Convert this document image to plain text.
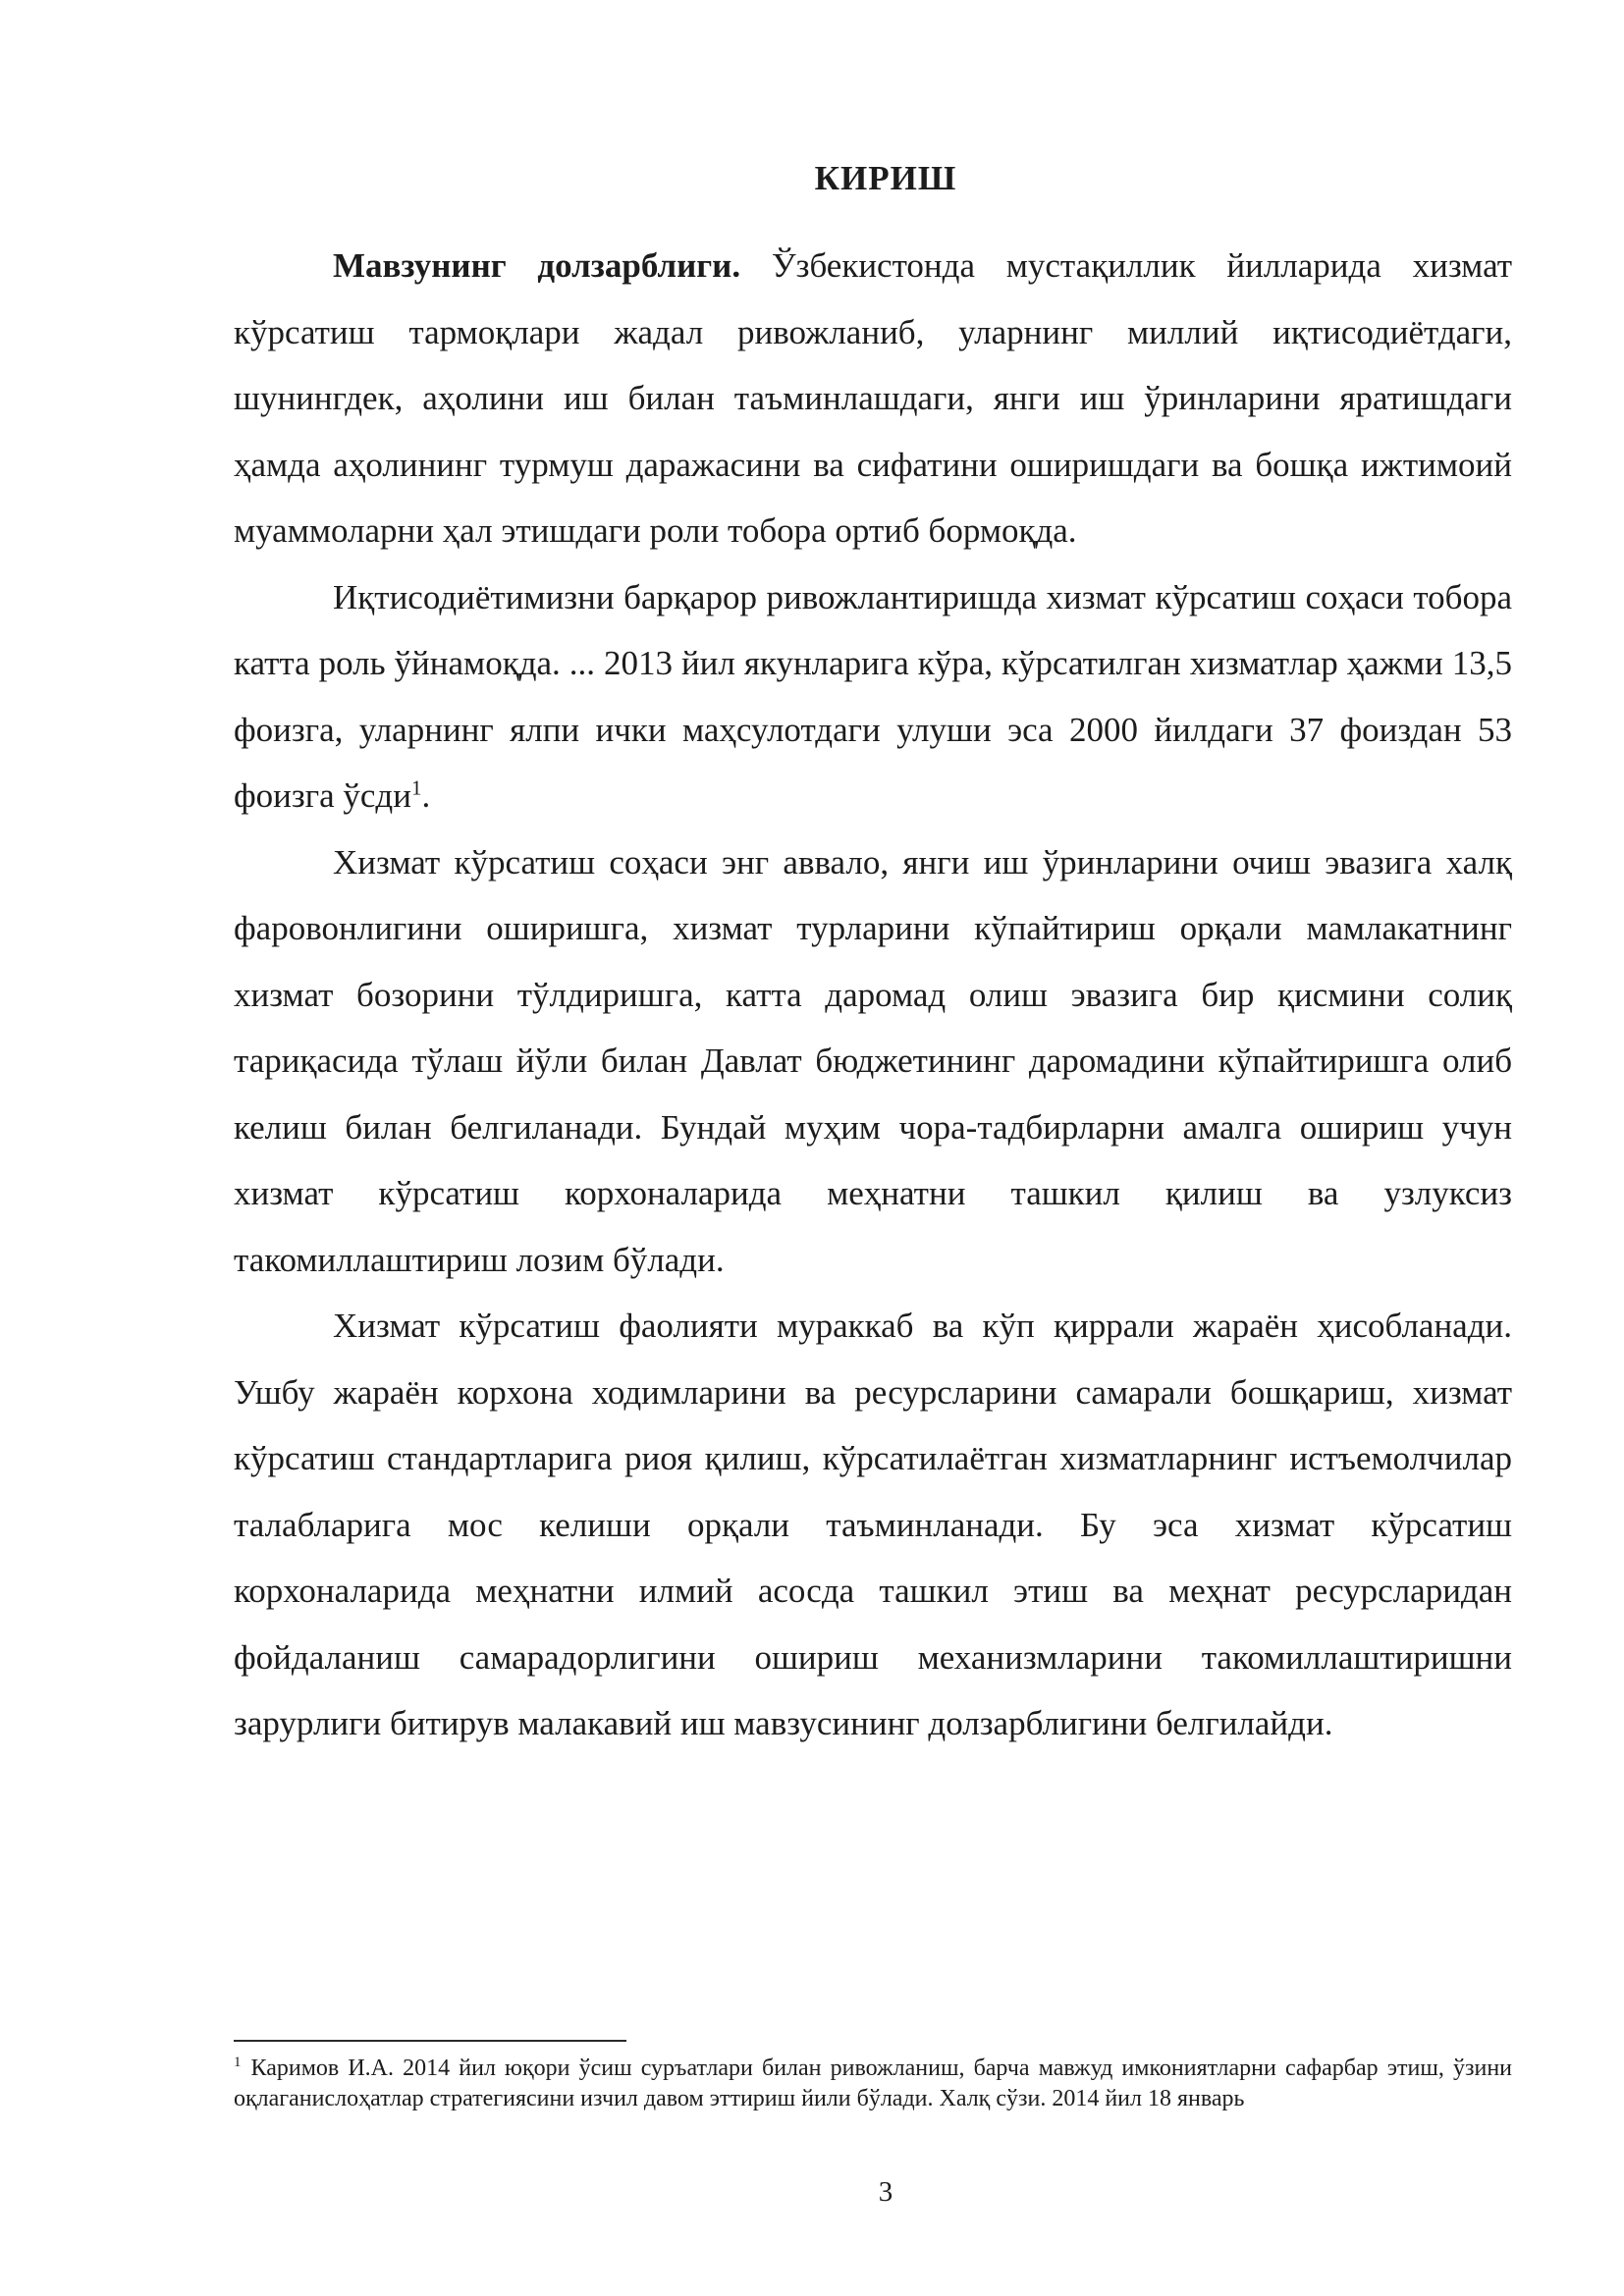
КИРИШ

Мавзунинг долзарблиги. Ўзбекистонда мустақиллик йилларида хизмат кўрсатиш тармоқлари жадал ривожланиб, уларнинг миллий иқтисодиётдаги, шунингдек, аҳолини иш билан таъминлашдаги, янги иш ўринларини яратишдаги ҳамда аҳолининг турмуш даражасини ва сифатини оширишдаги ва бошқа ижтимоий муаммоларни ҳал этишдаги роли тобора ортиб бормоқда.

Иқтисодиётимизни барқарор ривожлантиришда хизмат кўрсатиш соҳаси тобора катта роль ўйнамоқда. ... 2013 йил якунларига кўра, кўрсатилган хизматлар ҳажми 13,5 фоизга, уларнинг ялпи ички маҳсулотдаги улуши эса 2000 йилдаги 37 фоиздан 53 фоизга ўсди$^1$.

Хизмат кўрсатиш соҳаси энг аввало, янги иш ўринларини очиш эвазига халқ фаровонлигини оширишга, хизмат турларини кўпайтириш орқали мамлакатнинг хизмат бозорини тўлдиришга, катта даромад олиш эвазига бир қисмини солиқ тариқасида тўлаш йўли билан Давлат бюджетининг даромадини кўпайтиришга олиб келиш билан белгиланади. Бундай муҳим чора-тадбирларни амалга ошириш учун хизмат кўрсатиш корхоналарида меҳнатни ташкил қилиш ва узлуксиз такомиллаштириш лозим бўлади.

Хизмат кўрсатиш фаолияти мураккаб ва кўп қиррали жараён ҳисобланади. Ушбу жараён корхона ходимларини ва ресурсларини самарали бошқариш, хизмат кўрсатиш стандартларига риоя қилиш, кўрсатилаётган хизматларнинг истъемолчилар талабларига мос келиши орқали таъминланади. Бу эса хизмат кўрсатиш корхоналарида меҳнатни илмий асосда ташкил этиш ва меҳнат ресурсларидан фойдаланиш самарадорлигини ошириш механизмларини такомиллаштиришни зарурлиги битирув малакавий иш мавзусининг долзарблигини белгилайди.

$^1$ Каримов И.А. 2014 йил юқори ўсиш суръатлари билан ривожланиш, барча мавжуд имкониятларни сафарбар этиш, ўзини оқлаганислоҳатлар стратегиясини изчил давом эттириш йили бўлади. Халқ сўзи. 2014 йил 18 январь
3
